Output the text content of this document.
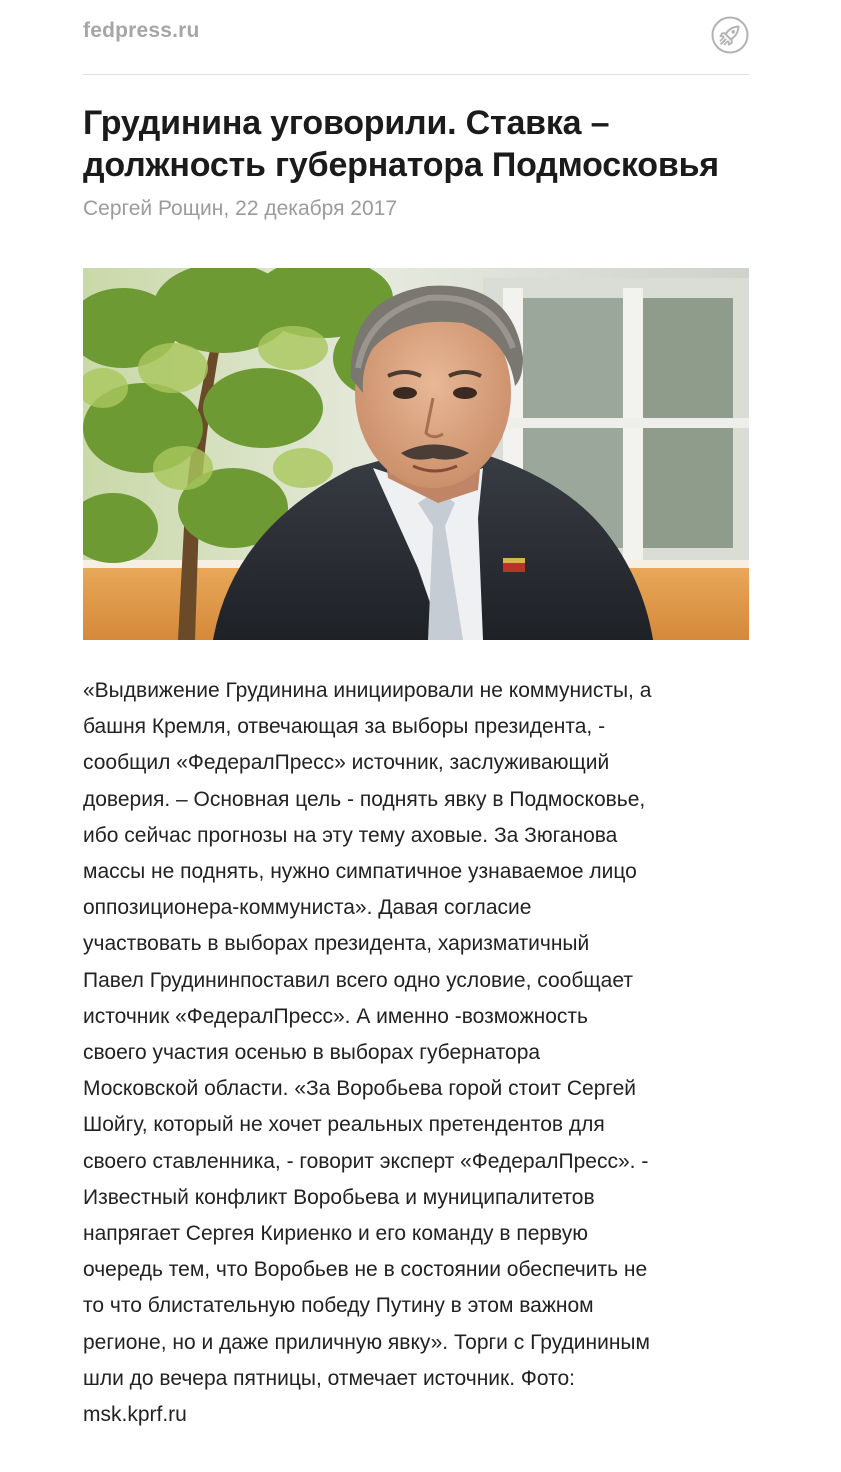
fedpress.ru
Грудинина уговорили. Ставка –
должность губернатора Подмосковья
Сергей Рощин, 22 декабря 2017
«Выдвижение Грудинина инициировали не коммунисты, а
башня Кремля, отвечающая за выборы президента, -
сообщил «ФедералПресс» источник, заслуживающий
доверия. – Основная цель - поднять явку в Подмосковье,
ибо сейчас прогнозы на эту тему аховые. За Зюганова
массы не поднять, нужно симпатичное узнаваемое лицо
оппозиционера-коммуниста». Давая согласие
участвовать в выборах президента, харизматичный
Павел Грудининпоставил всего одно условие, сообщает
источник «ФедералПресс». А именно -возможность
своего участия осенью в выборах губернатора
Московской области. «За Воробьева горой стоит Сергей
Шойгу, который не хочет реальных претендентов для
своего ставленника, - говорит эксперт «ФедералПресс». -
Известный конфликт Воробьева и муниципалитетов
напрягает Сергея Кириенко и его команду в первую
очередь тем, что Воробьев не в состоянии обеспечить не
то что блистательную победу Путину в этом важном
регионе, но и даже приличную явку». Торги с Грудининым
шли до вечера пятницы, отмечает источник. Фото:
msk.kprf.ru
